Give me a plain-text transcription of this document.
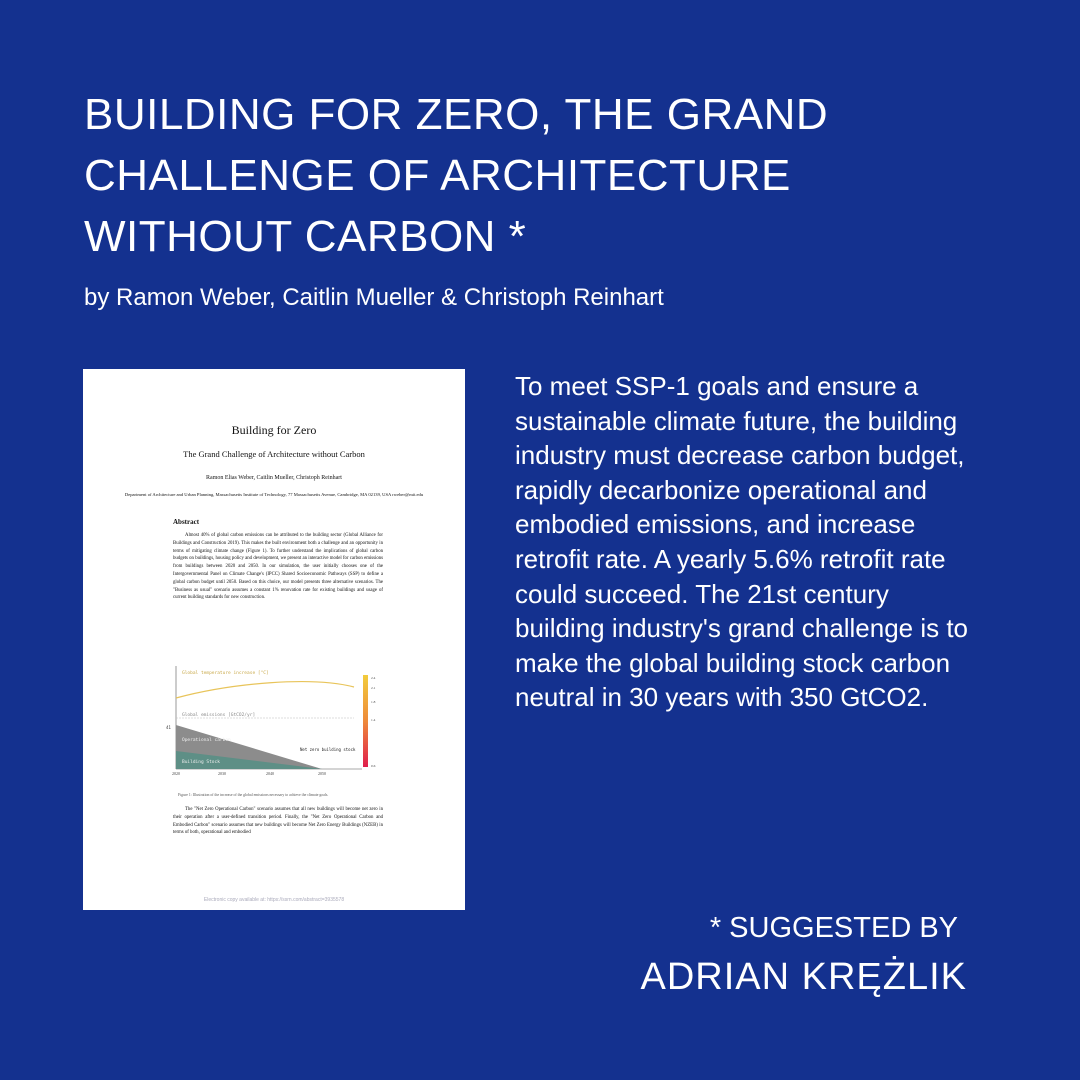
BUILDING FOR ZERO, THE GRAND CHALLENGE OF ARCHITECTURE WITHOUT CARBON *
by Ramon Weber, Caitlin Mueller & Christoph Reinhart
Building for Zero
The Grand Challenge of Architecture without Carbon
Ramon Elias Weber, Caitlin Mueller, Christoph Reinhart
Department of Architecture and Urban Planning, Massachusetts Institute of Technology, 77 Massachusetts Avenue, Cambridge, MA 02139, USA rweber@mit.edu
Abstract
Almost 40% of global carbon emissions can be attributed to the building sector (Global Alliance for Buildings and Construction 2019). This makes the built environment both a challenge and an opportunity in terms of mitigating climate change (Figure 1). To further understand the implications of global carbon budgets on buildings, housing policy and development, we present an interactive model for carbon emissions from buildings between 2020 and 2050. In our simulation, the user initially chooses one of the Intergovernmental Panel on Climate Change's (IPCC) Shared Socioeconomic Pathways (SSP) to define a global carbon budget until 2050. Based on this choice, our model presents three alternative scenarios. The "Business as usual" scenario assumes a constant 1% renovation rate for existing buildings and usage of current building standards for new construction.
Global temperature increase [°C]
Global emissions [GtCO2/yr]
Operational carbon
Building Stock
Net zero building stock
41
2020	2030	2040	2050
2.4
2.1
1.8
1.4
0.6
Figure 1: Illustration of the increase of the global emissions necessary to achieve the climate goals.
The "Net Zero Operational Carbon" scenario assumes that all new buildings will become net zero in their operation after a user-defined transition period. Finally, the "Net Zero Operational Carbon and Embodied Carbon" scenario assumes that new buildings will become Net Zero Energy Buildings (NZEB) in terms of both, operational and embodied
Electronic copy available at: https://ssrn.com/abstract=3935578

To meet SSP-1 goals and ensure a sustainable climate future, the building industry must decrease carbon budget, rapidly decarbonize operational and embodied emissions, and increase retrofit rate. A yearly 5.6% retrofit rate could succeed. The 21st century building industry's grand challenge is to make the global building stock carbon neutral in 30 years with 350 GtCO2.

* SUGGESTED BY
ADRIAN KRĘŻLIK
